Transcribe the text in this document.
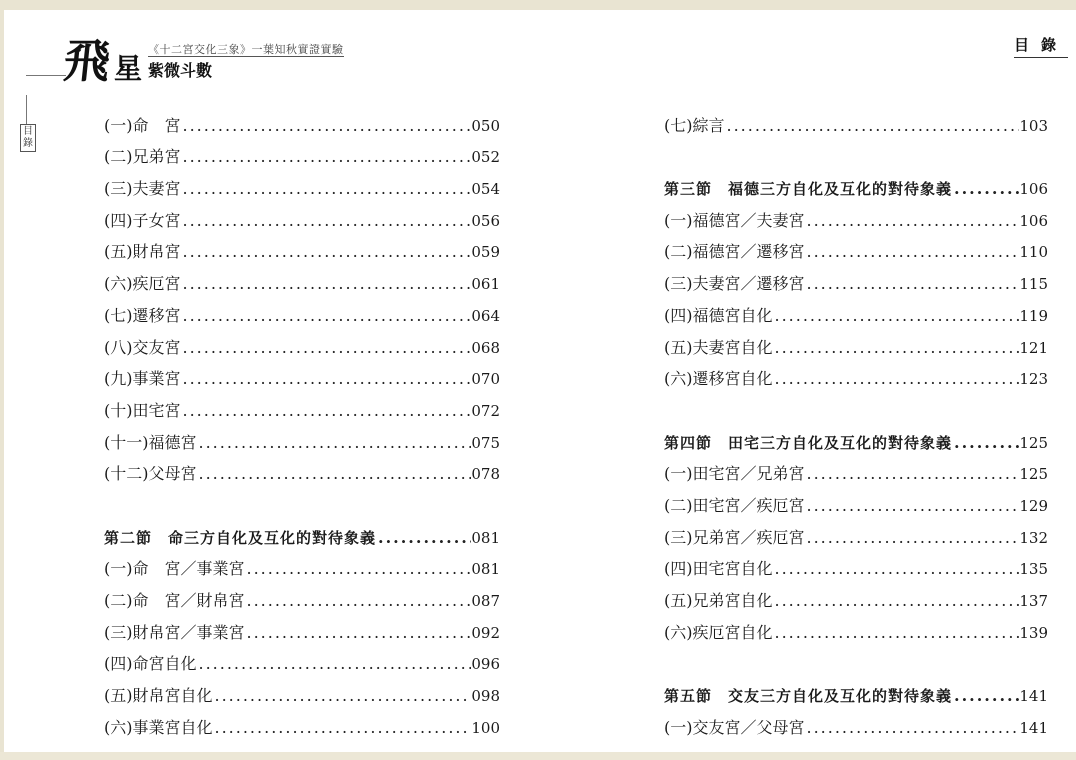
飛 星
《十二宮交化三象》一葉知秋實證實驗
紫微斗數
目錄
(一)命　宮 .....	050
(二)兄弟宮 .....	052
(三)夫妻宮 .....	054
(四)子女宮 .....	056
(五)財帛宮 .....	059
(六)疾厄宮 .....	061
(七)遷移宮 .....	064
(八)交友宮 .....	068
(九)事業宮 .....	070
(十)田宅宮 .....	072
(十一)福德宮 .....	075
(十二)父母宮 .....	078
第二節　命三方自化及互化的對待象義 .....	081
(一)命　宮／事業宮 .....	081
(二)命　宮／財帛宮 .....	087
(三)財帛宮／事業宮 .....	092
(四)命宮自化 .....	096
(五)財帛宮自化 .....	098
(六)事業宮自化 .....	100
目錄
(七)綜言 .....	103
第三節　福德三方自化及互化的對待象義 .....	106
(一)福德宮／夫妻宮 .....	106
(二)福德宮／遷移宮 .....	110
(三)夫妻宮／遷移宮 .....	115
(四)福德宮自化 .....	119
(五)夫妻宮自化 .....	121
(六)遷移宮自化 .....	123
第四節　田宅三方自化及互化的對待象義 .....	125
(一)田宅宮／兄弟宮 .....	125
(二)田宅宮／疾厄宮 .....	129
(三)兄弟宮／疾厄宮 .....	132
(四)田宅宮自化 .....	135
(五)兄弟宮自化 .....	137
(六)疾厄宮自化 .....	139
第五節　交友三方自化及互化的對待象義 .....	141
(一)交友宮／父母宮 .....	141
